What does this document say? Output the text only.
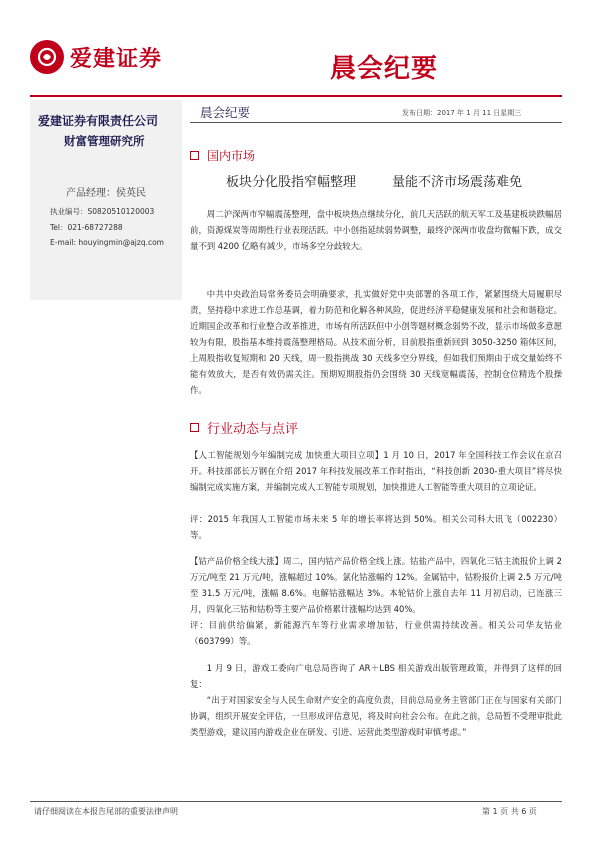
爱建证券	晨会纪要
爱建证券有限责任公司
财富管理研究所
产品经理：侯英民
执业编号：S0820510120003
Tel：021-68727288
E-mail: houyingmin@ajzq.com
晨会纪要	发布日期：2017 年 1 月 11 日星期三
国内市场
板块分化股指窄幅整理	量能不济市场震荡难免
周二沪深两市窄幅震荡整理，盘中板块热点继续分化，前几天活跃的航天军工及基建板块跌幅居前，资源煤炭等周期性行业表现活跃。中小创指延续弱势调整，最终沪深两市收盘均微幅下跌，成交量不到 4200 亿略有减少，市场多空分歧较大。
中共中央政治局常务委员会明确要求，扎实做好党中央部署的各项工作，紧紧围绕大局履职尽责，坚持稳中求进工作总基调，着力防范和化解各种风险，促进经济平稳健康发展和社会和谐稳定。近期国企改革和行业整合改革推进，市场有所活跃但中小创等题材概念弱势不改，显示市场做多意愿较为有限，股指基本维持震荡整理格局。从技术面分析，目前股指重新回到 3050-3250 箱体区间，上周股指收复短期和 20 天线，周一股指挑战 30 天线多空分界线，但如我们预期由于成交量始终不能有效放大，是否有效仍需关注。预期短期股指仍会围绕 30 天线宽幅震荡，控制仓位精选个股操作。
行业动态与点评
【人工智能规划今年编制完成 加快重大项目立项】1 月 10 日，2017 年全国科技工作会议在京召开。科技部部长万钢在介绍 2017 年科技发展改革工作时指出，“科技创新 2030-重大项目”将尽快编制完成实施方案，并编制完成人工智能专项规划，加快推进人工智能等重大项目的立项论证。
评：2015 年我国人工智能市场未来 5 年的增长率将达到 50%。相关公司科大讯飞（002230）等。
【钴产品价格全线大涨】周二，国内钴产品价格全线上涨。钴盐产品中，四氧化三钴主流报价上调 2 万元/吨至 21 万元/吨，涨幅超过 10%。氯化钴涨幅约 12%。金属钴中，钴粉报价上调 2.5 万元/吨至 31.5 万元/吨，涨幅 8.6%。电解钴涨幅达 3%。本轮钴价上涨自去年 11 月初启动，已连涨三月，四氧化三钴和钴粉等主要产品价格累计涨幅均达到 40%。
评：目前供给偏紧，新能源汽车等行业需求增加钴，行业供需持续改善。相关公司华友钴业（603799）等。
1 月 9 日，游戏工委向广电总局咨询了 AR＋LBS 相关游戏出版管理政策，并得到了这样的回复：
“出于对国家安全与人民生命财产安全的高度负责，目前总局业务主管部门正在与国家有关部门协调，组织开展安全评估，一旦形成评估意见，将及时向社会公布。在此之前，总局暂不受理审批此类型游戏，建议国内游戏企业在研发、引进、运营此类型游戏时审慎考虑。”
请仔细阅读在本报告尾部的重要法律声明	第 1 页 共 6 页
